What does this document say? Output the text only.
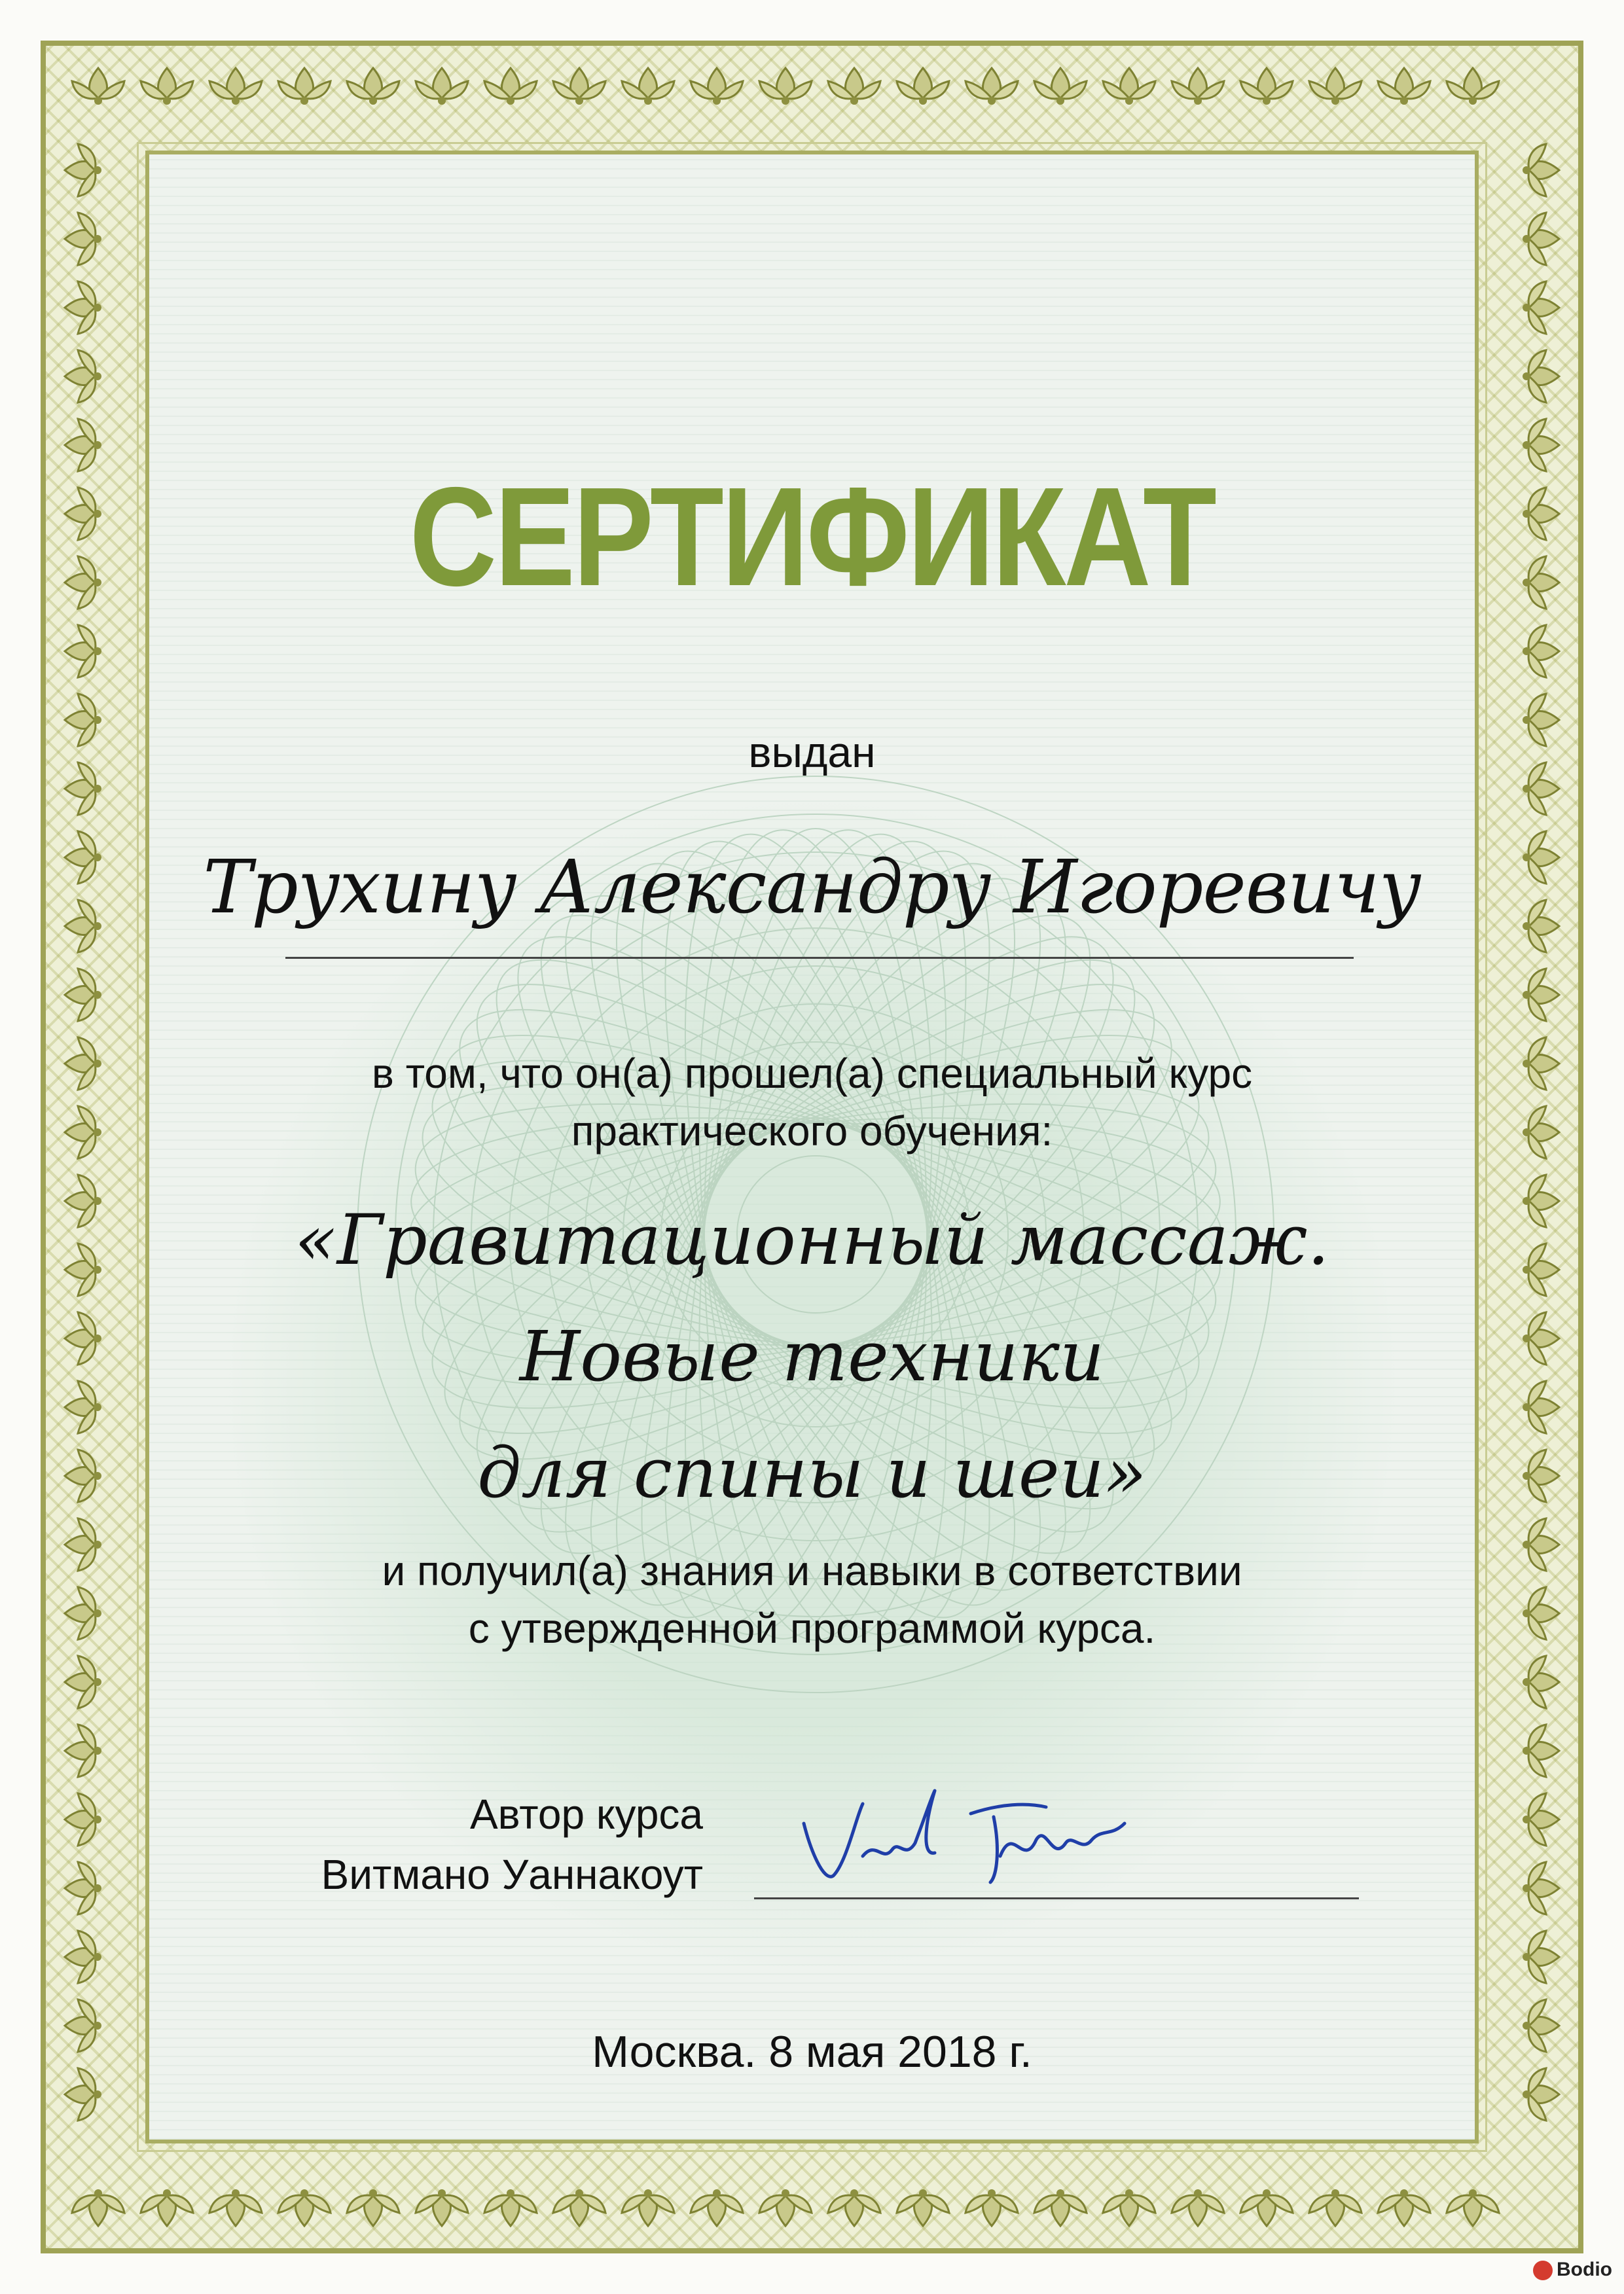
СЕРТИФИКАТ
выдан
Трухину Александру Игоревичу
в том, что он(а) прошел(а) специальный курс
практического обучения:
«Гравитационный массаж.
Новые техники
для спины и шеи»
и получил(а) знания и навыки в сответствии
с утвержденной программой курса.
Автор курса
Витмано Уаннакоут
Москва. 8 мая 2018 г.
Bodio
